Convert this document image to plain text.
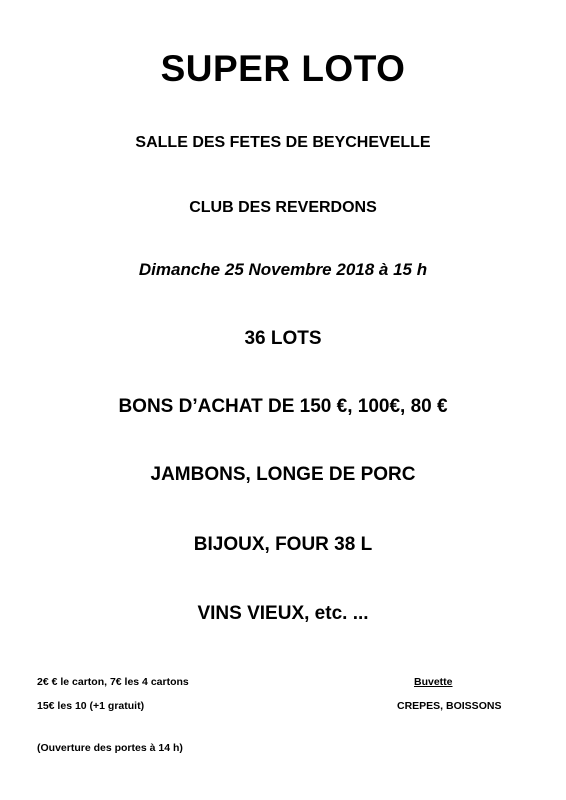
SUPER LOTO
SALLE DES FETES DE BEYCHEVELLE
CLUB DES REVERDONS
Dimanche 25 Novembre 2018 à 15 h
36 LOTS
BONS D’ACHAT DE 150 €, 100€, 80 €
JAMBONS, LONGE DE PORC
BIJOUX, FOUR 38 L
VINS VIEUX, etc. ...
2€ € le carton, 7€ les 4 cartons
15€ les 10 (+1 gratuit)
(Ouverture des portes à 14 h)
Buvette
CREPES, BOISSONS
